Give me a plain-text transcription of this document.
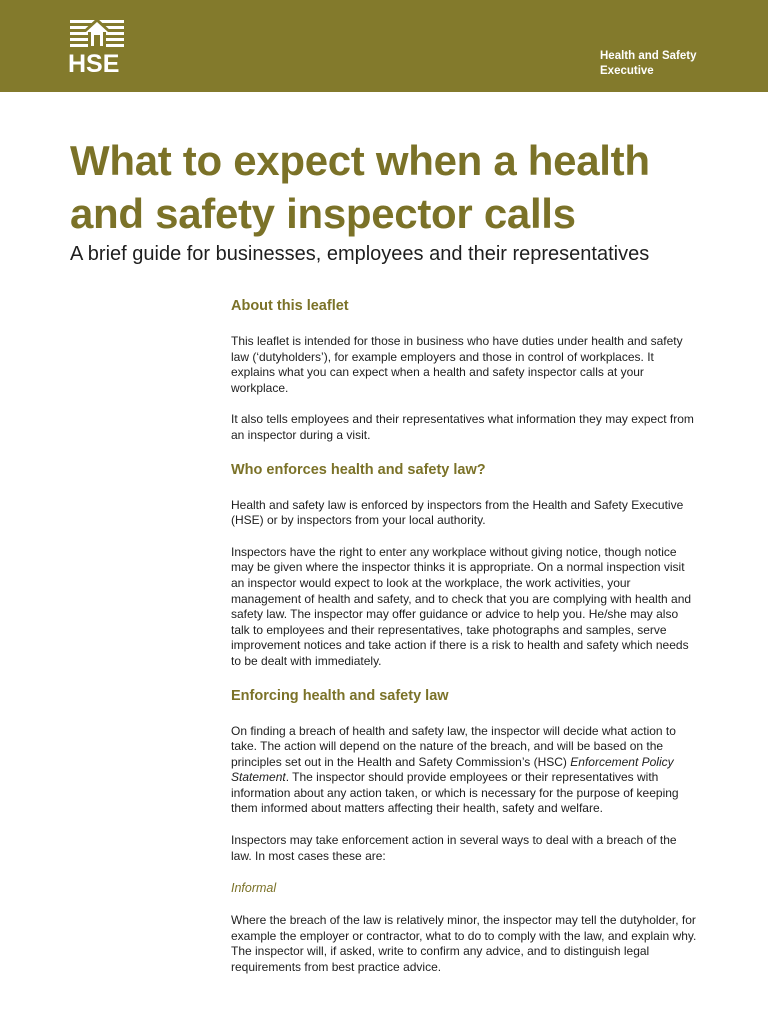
HSE	Health and Safety
Executive
What to expect when a health
and safety inspector calls

A brief guide for businesses, employees and their representatives

About this leaflet

This leaflet is intended for those in business who have duties under health and safety law (‘dutyholders’), for example employers and those in control of workplaces. It explains what you can expect when a health and safety inspector calls at your workplace.

It also tells employees and their representatives what information they may expect from an inspector during a visit.

Who enforces health and safety law?

Health and safety law is enforced by inspectors from the Health and Safety Executive (HSE) or by inspectors from your local authority.

Inspectors have the right to enter any workplace without giving notice, though notice may be given where the inspector thinks it is appropriate. On a normal inspection visit an inspector would expect to look at the workplace, the work activities, your management of health and safety, and to check that you are complying with health and safety law. The inspector may offer guidance or advice to help you. He/she may also talk to employees and their representatives, take photographs and samples, serve improvement notices and take action if there is a risk to health and safety which needs to be dealt with immediately.

Enforcing health and safety law

On finding a breach of health and safety law, the inspector will decide what action to take. The action will depend on the nature of the breach, and will be based on the principles set out in the Health and Safety Commission’s (HSC) Enforcement Policy Statement. The inspector should provide employees or their representatives with information about any action taken, or which is necessary for the purpose of keeping them informed about matters affecting their health, safety and welfare.

Inspectors may take enforcement action in several ways to deal with a breach of the law. In most cases these are:

Informal

Where the breach of the law is relatively minor, the inspector may tell the dutyholder, for example the employer or contractor, what to do to comply with the law, and explain why. The inspector will, if asked, write to confirm any advice, and to distinguish legal requirements from best practice advice.
